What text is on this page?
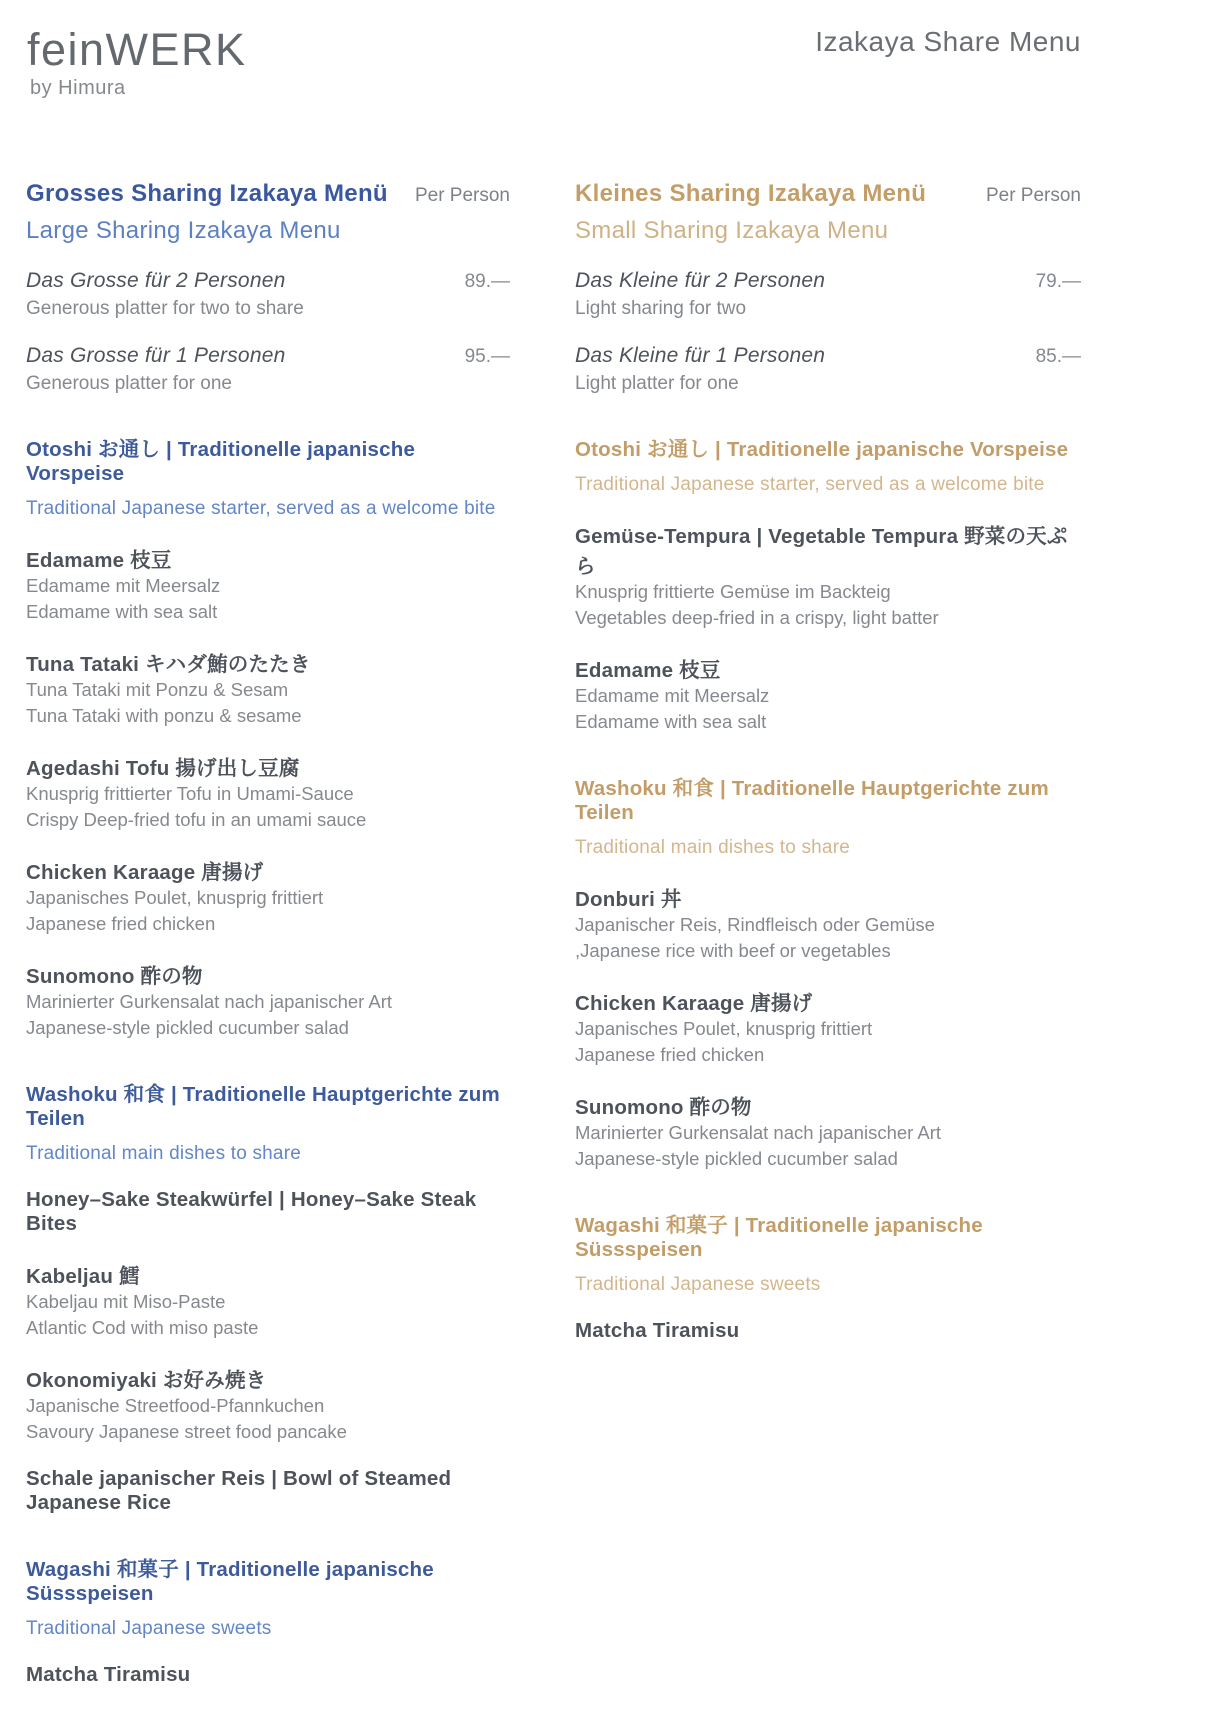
feinWERK
by Himura
Izakaya Share Menu
Grosses Sharing Izakaya Menü Per Person
Large Sharing Izakaya Menu
Das Grosse für 2 Personen	89.—
Generous platter for two to share
Das Grosse für 1 Personen	95.—
Generous platter for one
Otoshi お通し | Traditionelle japanische Vorspeise
Traditional Japanese starter, served as a welcome bite
Edamame 枝豆
Edamame mit Meersalz
Edamame with sea salt
Tuna Tataki キハダ鮪のたたき
Tuna Tataki mit Ponzu & Sesam
Tuna Tataki with ponzu & sesame
Agedashi Tofu 揚げ出し豆腐
Knusprig frittierter Tofu in Umami-Sauce
Crispy Deep-fried tofu in an umami sauce
Chicken Karaage 唐揚げ
Japanisches Poulet, knusprig frittiert
Japanese fried chicken
Sunomono 酢の物
Marinierter Gurkensalat nach japanischer Art
Japanese-style pickled cucumber salad
Washoku 和食 | Traditionelle Hauptgerichte zum Teilen
Traditional main dishes to share
Honey–Sake Steakwürfel | Honey–Sake Steak Bites
Kabeljau 鱈
Kabeljau mit Miso-Paste
Atlantic Cod with miso paste
Okonomiyaki お好み焼き
Japanische Streetfood-Pfannkuchen
Savoury Japanese street food pancake
Schale japanischer Reis | Bowl of Steamed Japanese Rice
Wagashi 和菓子 | Traditionelle japanische Süssspeisen
Traditional Japanese sweets
Matcha Tiramisu
Kleines Sharing Izakaya Menü	Per Person
Small Sharing Izakaya Menu
Das Kleine für 2 Personen	79.—
Light sharing for two
Das Kleine für 1 Personen	85.—
Light platter for one
Otoshi お通し | Traditionelle japanische Vorspeise
Traditional Japanese starter, served as a welcome bite
Gemüse-Tempura | Vegetable Tempura 野菜の天ぷら
Knusprig frittierte Gemüse im Backteig
Vegetables deep-fried in a crispy, light batter
Edamame 枝豆
Edamame mit Meersalz
Edamame with sea salt
Washoku 和食 | Traditionelle Hauptgerichte zum Teilen
Traditional main dishes to share
Donburi 丼
Japanischer Reis, Rindfleisch oder Gemüse
,Japanese rice with beef or vegetables
Chicken Karaage 唐揚げ
Japanisches Poulet, knusprig frittiert
Japanese fried chicken
Sunomono 酢の物
Marinierter Gurkensalat nach japanischer Art
Japanese-style pickled cucumber salad
Wagashi 和菓子 | Traditionelle japanische Süssspeisen
Traditional Japanese sweets
Matcha Tiramisu
